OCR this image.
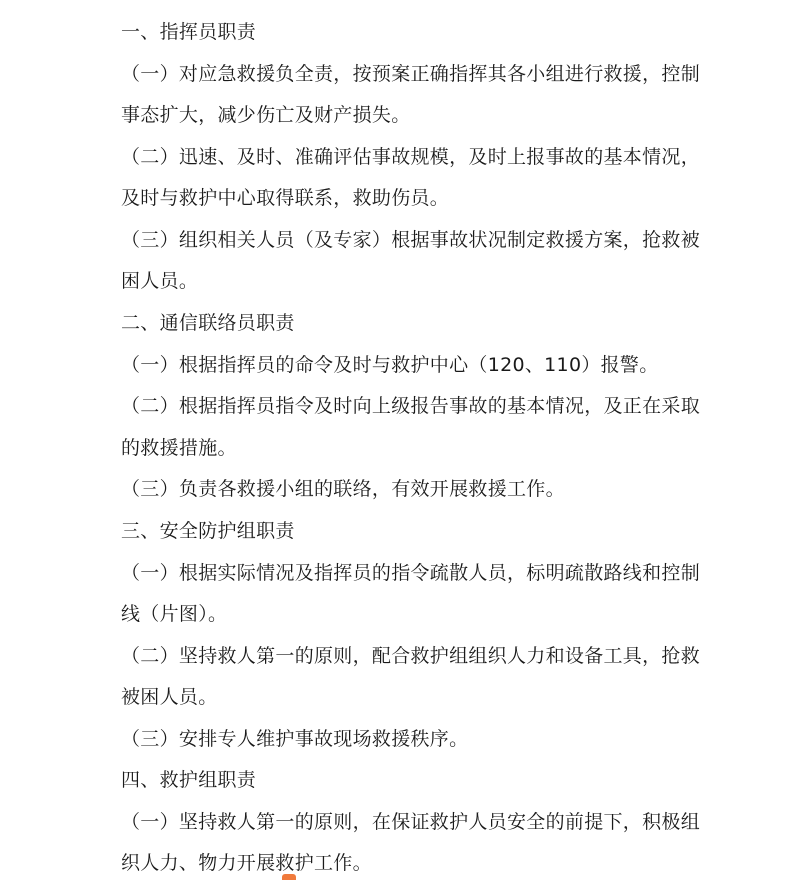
一、指挥员职责

（一）对应急救援负全责，按预案正确指挥其各小组进行救援，控制

事态扩大，减少伤亡及财产损失。

（二）迅速、及时、准确评估事故规模，及时上报事故的基本情况，

及时与救护中心取得联系，救助伤员。

（三）组织相关人员（及专家）根据事故状况制定救援方案，抢救被

困人员。

二、通信联络员职责

（一）根据指挥员的命令及时与救护中心（120、110）报警。

（二）根据指挥员指令及时向上级报告事故的基本情况，及正在采取

的救援措施。

（三）负责各救援小组的联络，有效开展救援工作。

三、安全防护组职责

（一）根据实际情况及指挥员的指令疏散人员，标明疏散路线和控制

线（片图）。

（二）坚持救人第一的原则，配合救护组组织人力和设备工具，抢救

被困人员。

（三）安排专人维护事故现场救援秩序。

四、救护组职责

（一）坚持救人第一的原则，在保证救护人员安全的前提下，积极组

织人力、物力开展救护工作。
